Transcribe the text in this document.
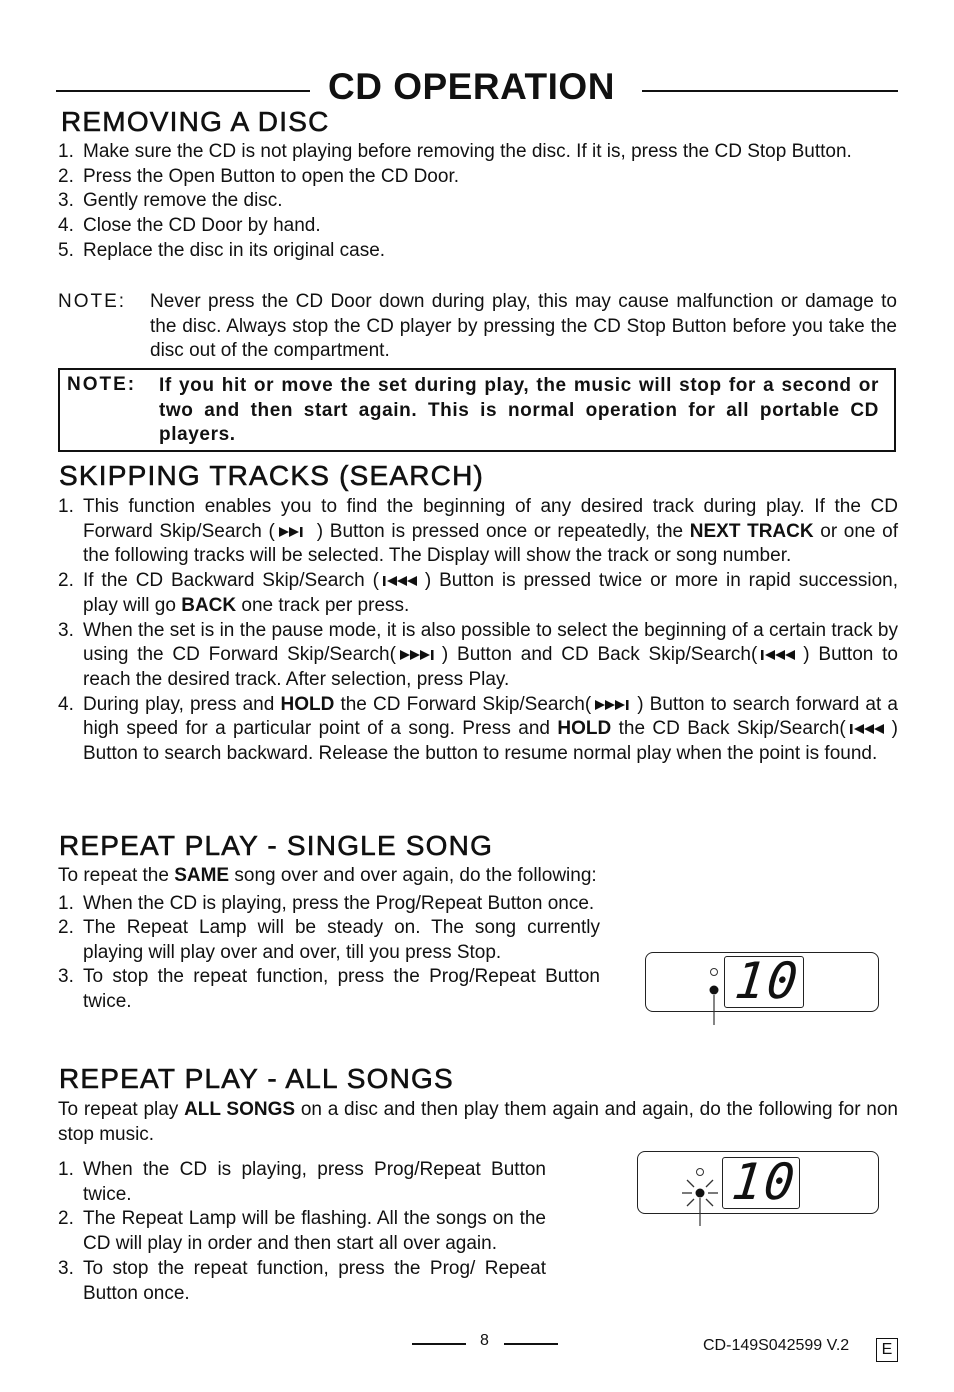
CD OPERATION
REMOVING A DISC
1. Make sure the CD is not playing before removing the disc. If it is, press the CD Stop Button.
2. Press the Open Button to open the CD Door.
3. Gently remove the disc.
4. Close the CD Door by hand.
5. Replace the disc in its original case.
NOTE: Never press the CD Door down during play, this may cause malfunction or damage to the disc. Always stop the CD player by pressing the CD Stop Button before you take the disc out of the compartment.
NOTE: If you hit or move the set during play, the music will stop for a second or two and then start again. This is normal operation for all portable CD players.
SKIPPING TRACKS (SEARCH)
1. This function enables you to find the beginning of any desired track during play. If the CD Forward Skip/Search ( ) Button is pressed once or repeatedly, the NEXT TRACK or one of the following tracks will be selected. The Display will show the track or song number.
2. If the CD Backward Skip/Search ( ) Button is pressed twice or more in rapid succession, play will go BACK one track per press.
3. When the set is in the pause mode, it is also possible to select the beginning of a certain track by using the CD Forward Skip/Search( ) Button and CD Back Skip/Search( ) Button to reach the desired track. After selection, press Play.
4. During play, press and HOLD the CD Forward Skip/Search( ) Button to search forward at a high speed for a particular point of a song. Press and HOLD the CD Back Skip/Search( ) Button to search backward. Release the button to resume normal play when the point is found.
REPEAT PLAY - SINGLE SONG
To repeat the SAME song over and over again, do the following:
1. When the CD is playing, press the Prog/Repeat Button once.
2. The Repeat Lamp will be steady on. The song currently playing will play over and over, till you press Stop.
3. To stop the repeat function, press the Prog/Repeat Button twice.
REPEAT PLAY - ALL SONGS
To repeat play ALL SONGS on a disc and then play them again and again, do the following for non stop music.
1. When the CD is playing, press Prog/Repeat Button twice.
2. The Repeat Lamp will be flashing. All the songs on the CD will play in order and then start all over again.
3. To stop the repeat function, press the Prog/ Repeat Button once.
10
10
8	CD-149S042599 V.2	E
